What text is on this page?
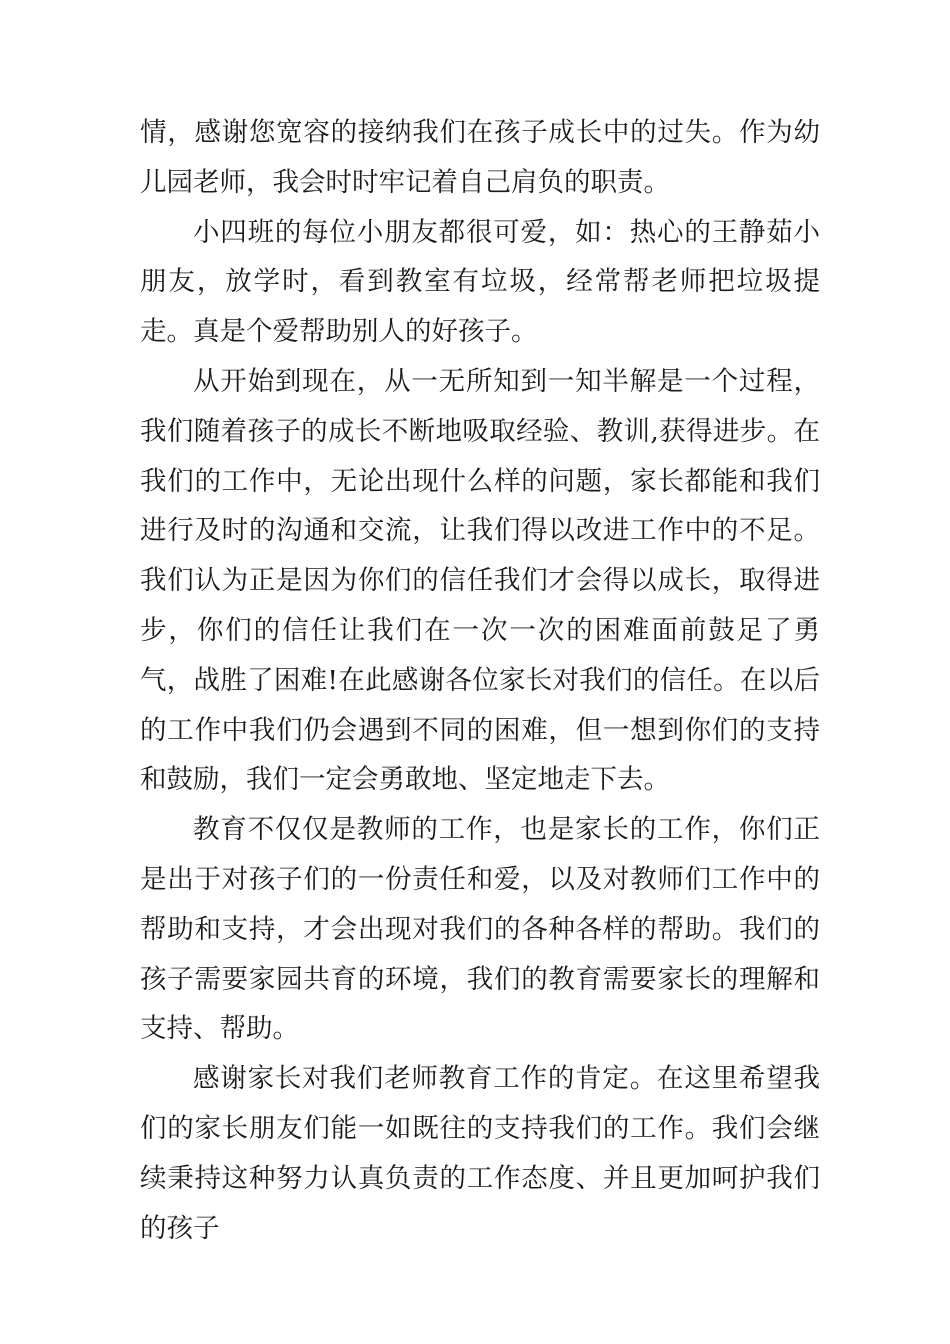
情，感谢您宽容的接纳我们在孩子成长中的过失。作为幼儿园老师，我会时时牢记着自己肩负的职责。

小四班的每位小朋友都很可爱，如：热心的王静茹小朋友，放学时，看到教室有垃圾，经常帮老师把垃圾提走。真是个爱帮助别人的好孩子。

从开始到现在，从一无所知到一知半解是一个过程，我们随着孩子的成长不断地吸取经验、教训,获得进步。在我们的工作中，无论出现什么样的问题，家长都能和我们进行及时的沟通和交流，让我们得以改进工作中的不足。我们认为正是因为你们的信任我们才会得以成长，取得进步，你们的信任让我们在一次一次的困难面前鼓足了勇气，战胜了困难!在此感谢各位家长对我们的信任。在以后的工作中我们仍会遇到不同的困难，但一想到你们的支持和鼓励，我们一定会勇敢地、坚定地走下去。

教育不仅仅是教师的工作，也是家长的工作，你们正是出于对孩子们的一份责任和爱，以及对教师们工作中的帮助和支持，才会出现对我们的各种各样的帮助。我们的孩子需要家园共育的环境，我们的教育需要家长的理解和支持、帮助。

感谢家长对我们老师教育工作的肯定。在这里希望我们的家长朋友们能一如既往的支持我们的工作。我们会继续秉持这种努力认真负责的工作态度、并且更加呵护我们的孩子
